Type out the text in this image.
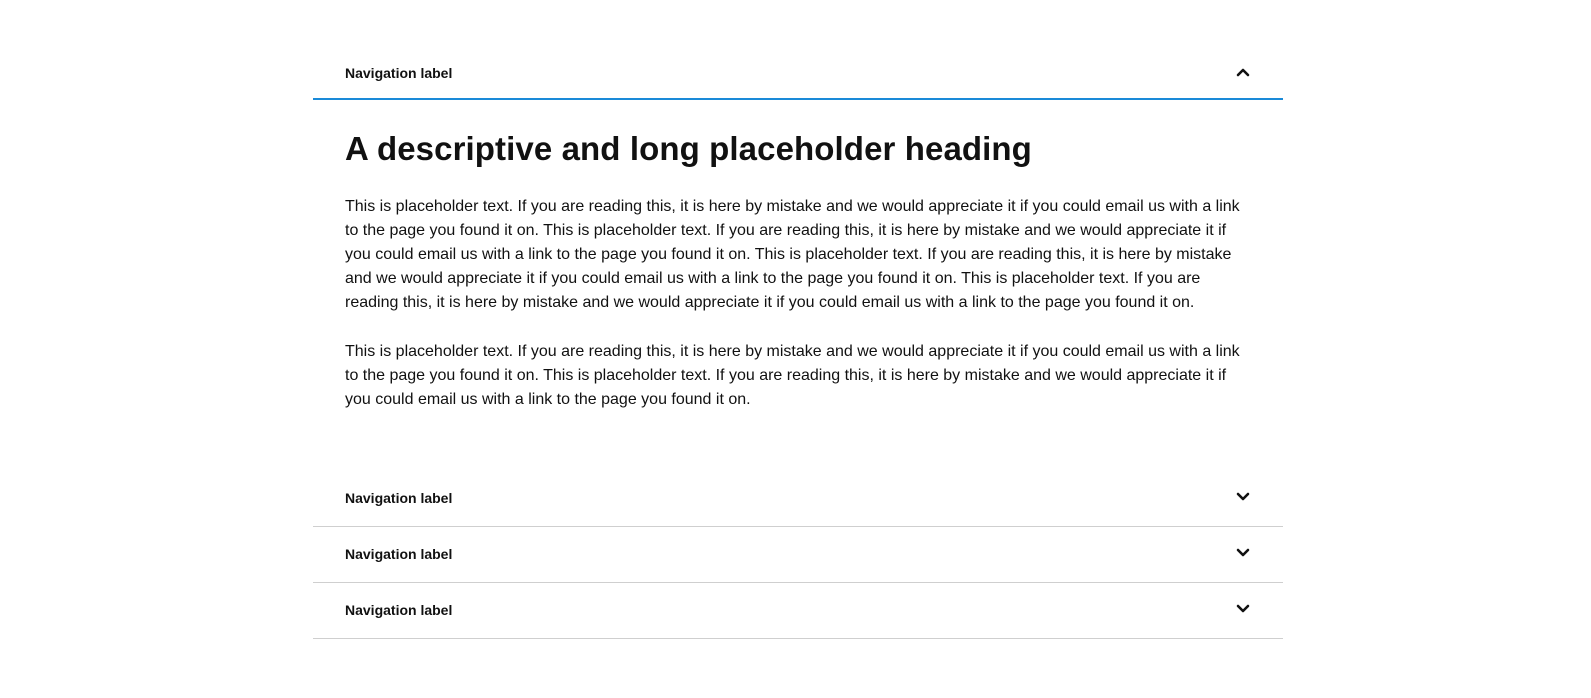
Navigation label
A descriptive and long placeholder heading

This is placeholder text. If you are reading this, it is here by mistake and we would appreciate it if you could email us with a link to the page you found it on. This is placeholder text. If you are reading this, it is here by mistake and we would appreciate it if you could email us with a link to the page you found it on. This is placeholder text. If you are reading this, it is here by mistake and we would appreciate it if you could email us with a link to the page you found it on. This is placeholder text. If you are reading this, it is here by mistake and we would appreciate it if you could email us with a link to the page you found it on.

This is placeholder text. If you are reading this, it is here by mistake and we would appreciate it if you could email us with a link to the page you found it on. This is placeholder text. If you are reading this, it is here by mistake and we would appreciate it if you could email us with a link to the page you found it on.

Navigation label
Navigation label
Navigation label
